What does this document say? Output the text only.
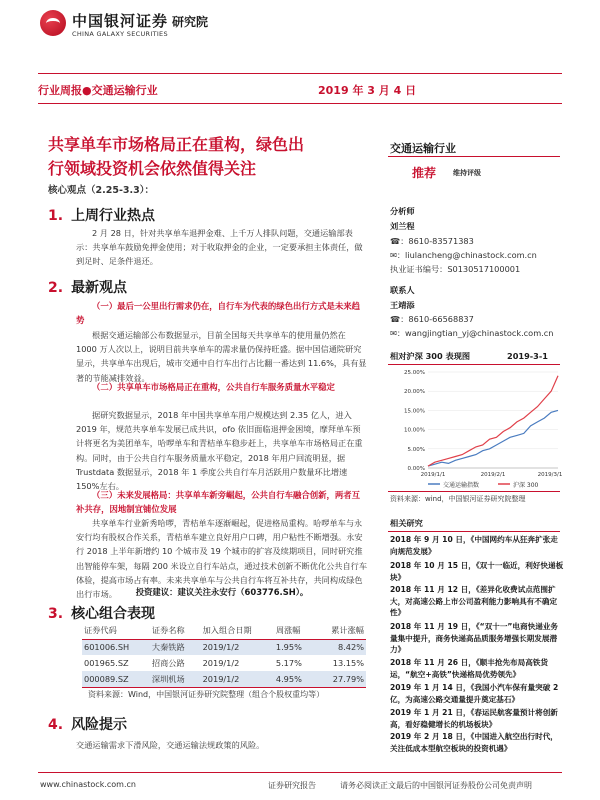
中国银河证券
CHINA GALAXY SECURITIES
研究院
行业周报●交通运输行业	2019 年 3 月 4 日
共享单车市场格局正在重构，绿色出
行领域投资机会依然值得关注
核心观点（2.25-3.3）：
1. 上周行业热点
2 月 28 日，针对共享单车退押金难、上千万人排队问题，交通运输部表示：共享单车鼓励免押金使用；对于收取押金的企业，一定要承担主体责任，做到足时、足条件退还。
2. 最新观点
（一）最后一公里出行需求仍在，自行车为代表的绿色出行方式是未来趋势
根据交通运输部公布数据显示，目前全国每天共享单车的使用量仍然在 1000 万人次以上，说明目前共享单车的需求量仍保持旺盛。据中国信通院研究显示，共享单车出现后，城市交通中自行车出行占比翻一番达到 11.6%，具有显著的节能减排效益。
（二）共享单车市场格局正在重构，公共自行车服务质量水平稳定
据研究数据显示，2018 年中国共享单车用户规模达到 2.35 亿人，进入 2019 年，规范共享单车发展已成共识，ofo 依旧面临退押金困境，摩拜单车预计将更名为美团单车，哈啰单车和青桔单车稳步赶上，共享单车市场格局正在重构。同时，由于公共自行车服务质量水平稳定，2018 年用户回流明显，据 Trustdata 数据显示，2018 年 1 季度公共自行车月活跃用户数量环比增速 150%左右。
（三）未来发展格局：共享单车新旁崛起，公共自行车融合创新，两者互补共存，因地制宜铺位发展
共享单车行业新秀哈啰，青桔单车逐渐崛起，促进格局重构。哈啰单车与永安行均有股权合作关系，青桔单车建立良好用户口碑，用户粘性不断增强。永安行 2018 上半年新增约 10 个城市及 19 个城市的扩容及续期项目，同时研究推出智能停车架，每隔 200 米设立自行车站点，通过技术创新不断优化公共自行车体验，提高市场占有率。未来共享单车与公共自行车将互补共存，共同构成绿色出行市场。	投资建议：建议关注永安行（603776.SH）。
3. 核心组合表现
证券代码	证券名称	加入组合日期	周涨幅	累计涨幅
601006.SH	大秦铁路	2019/1/2	1.95%	8.42%
001965.SZ	招商公路	2019/1/2	5.17%	13.15%
000089.SZ	深圳机场	2019/1/2	4.95%	27.79%
资料来源：Wind，中国银河证券研究院整理（组合个股权重均等）
4. 风险提示
交通运输需求下滑风险，交通运输法规政策的风险。
交通运输行业
推荐 维持评级
分析师
刘兰程
☎：8610-83571383
✉：liulancheng@chinastock.com.cn
执业证书编号：S0130517100001
联系人
王靖添
☎：8610-66568837
✉：wangjingtian_yj@chinastock.com.cn
相对沪深 300 表现图	2019-3-1
0.00%
5.00%
10.00%
15.00%
20.00%
25.00%
2019/1/1	2019/2/1	2019/3/1
交通运输指数	沪深 300
资料来源：wind，中国银河证券研究院整理
相关研究
2018 年 9 月 10 日，《中国网约车从狂奔扩张走向规范发展》
2018 年 10 月 15 日，《双十一临近，利好快递板块》
2018 年 11 月 12 日，《差异化收费试点范围扩大，对高速公路上市公司盈利能力影响具有不确定性》
2018 年 11 月 19 日，《“双十一”电商快递业务量集中提升，商务快递高品质服务增强长期发展潜力》
2018 年 11 月 26 日，《顺丰抢先布局高铁货运，“航空+高铁”快递格局优势领先》
2019 年 1 月 14 日，《我国小汽车保有量突破 2 亿，为高速公路交通量提升奠定基石》
2019 年 1 月 21 日，《春运民航客量预计将创新高，看好稳健增长的机场板块》
2019 年 2 月 18 日，《中国进入航空出行时代，关注低成本型航空板块的投资机遇》
www.chinastock.com.cn	证券研究报告	请务必阅读正文最后的中国银河证券股份公司免责声明
